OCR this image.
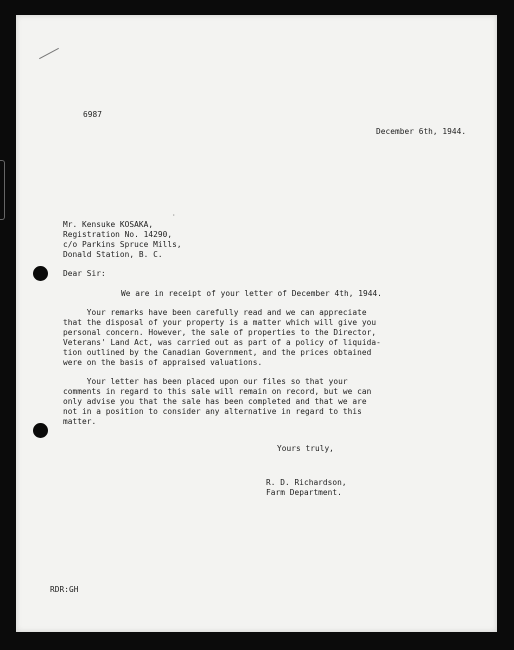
6987
December 6th, 1944.
·
Mr. Kensuke KOSAKA,
Registration No. 14290,
c/o Parkins Spruce Mills,
Donald Station, B. C.
Dear Sir:
We are in receipt of your letter of December 4th, 1944.
Your remarks have been carefully read and we can appreciate
that the disposal of your property is a matter which will give you
personal concern. However, the sale of properties to the Director,
Veterans' Land Act, was carried out as part of a policy of liquida-
tion outlined by the Canadian Government, and the prices obtained
were on the basis of appraised valuations.
Your letter has been placed upon our files so that your
comments in regard to this sale will remain on record, but we can
only advise you that the sale has been completed and that we are
not in a position to consider any alternative in regard to this
matter.
Yours truly,
R. D. Richardson,
Farm Department.
RDR:GH
